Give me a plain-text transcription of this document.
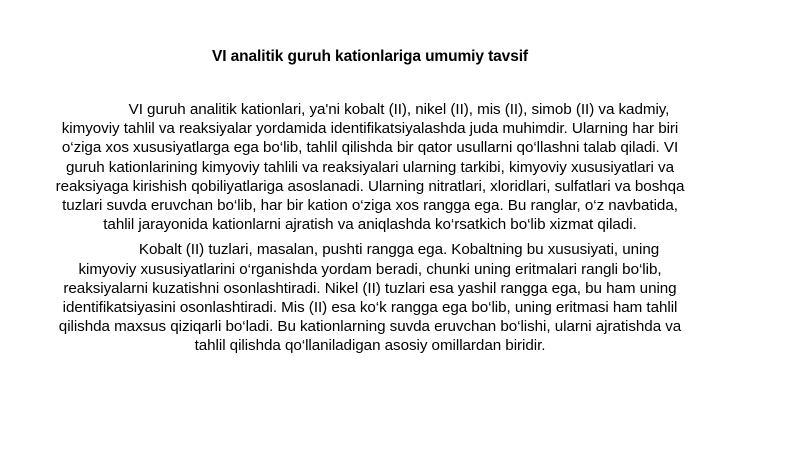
VI analitik guruh kationlariga umumiy tavsif

VI guruh analitik kationlari, ya'ni kobalt (II), nikel (II), mis (II), simob (II) va kadmiy, kimyoviy tahlil va reaksiyalar yordamida identifikatsiyalashda juda muhimdir. Ularning har biri o‘ziga xos xususiyatlarga ega bo‘lib, tahlil qilishda bir qator usullarni qo‘llashni talab qiladi. VI guruh kationlarining kimyoviy tahlili va reaksiyalari ularning tarkibi, kimyoviy xususiyatlari va reaksiyaga kirishish qobiliyatlariga asoslanadi. Ularning nitratlari, xloridlari, sulfatlari va boshqa tuzlari suvda eruvchan bo‘lib, har bir kation o‘ziga xos rangga ega. Bu ranglar, o‘z navbatida, tahlil jarayonida kationlarni ajratish va aniqlashda ko‘rsatkich bo‘lib xizmat qiladi.

Kobalt (II) tuzlari, masalan, pushti rangga ega. Kobaltning bu xususiyati, uning kimyoviy xususiyatlarini o‘rganishda yordam beradi, chunki uning eritmalari rangli bo‘lib, reaksiyalarni kuzatishni osonlashtiradi. Nikel (II) tuzlari esa yashil rangga ega, bu ham uning identifikatsiyasini osonlashtiradi. Mis (II) esa ko‘k rangga ega bo‘lib, uning eritmasi ham tahlil qilishda maxsus qiziqarli bo‘ladi. Bu kationlarning suvda eruvchan bo‘lishi, ularni ajratishda va tahlil qilishda qo‘llaniladigan asosiy omillardan biridir.
